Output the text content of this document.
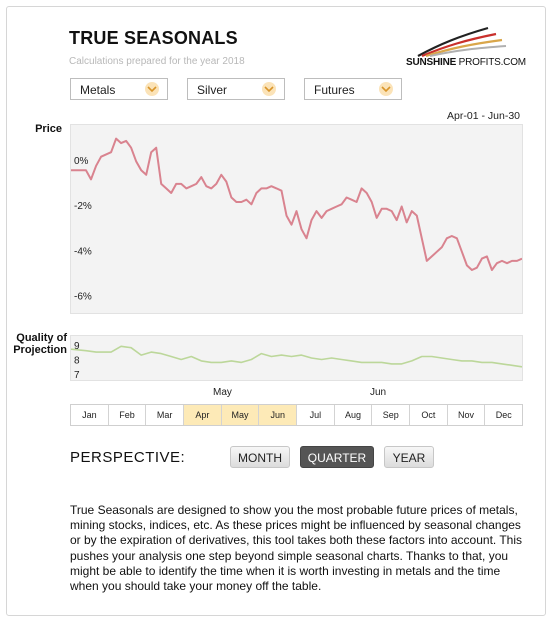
TRUE SEASONALS
Calculations prepared for the year 2018	SUNSHINE PROFITS.COM
Metals	Silver	Futures
Apr-01 - Jun-30
Price
0%
-2%
-4%
-6%
Quality of
Projection 9
8
7
May	Jun
Jan	Feb	Mar	Apr	May	Jun	Jul	Aug	Sep	Oct	Nov	Dec
PERSPECTIVE:	MONTH	QUARTER	YEAR
True Seasonals are designed to show you the most probable future prices of metals, mining stocks, indices, etc. As these prices might be influenced by seasonal changes or by the expiration of derivatives, this tool takes both these factors into account. This pushes your analysis one step beyond simple seasonal charts. Thanks to that, you might be able to identify the time when it is worth investing in metals and the time when you should take your money off the table.
